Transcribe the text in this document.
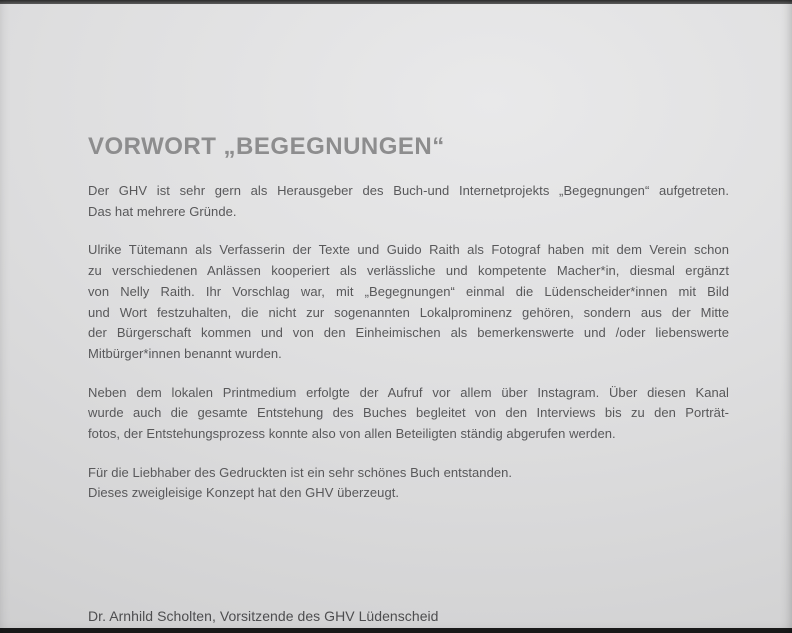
VORWORT „BEGEGNUNGEN“

Der GHV ist sehr gern als Herausgeber des Buch-und Internetprojekts „Begegnungen“ aufgetreten.
Das hat mehrere Gründe.

Ulrike Tütemann als Verfasserin der Texte und Guido Raith als Fotograf haben mit dem Verein schon
zu verschiedenen Anlässen kooperiert als verlässliche und kompetente Macher*in, diesmal ergänzt
von Nelly Raith. Ihr Vorschlag war, mit „Begegnungen“ einmal die Lüdenscheider*innen mit Bild
und Wort festzuhalten, die nicht zur sogenannten Lokalprominenz gehören, sondern aus der Mitte
der Bürgerschaft kommen und von den Einheimischen als bemerkenswerte und /oder liebenswerte
Mitbürger*innen benannt wurden.

Neben dem lokalen Printmedium erfolgte der Aufruf vor allem über Instagram. Über diesen Kanal
wurde auch die gesamte Entstehung des Buches begleitet von den Interviews bis zu den Porträt-
fotos, der Entstehungsprozess konnte also von allen Beteiligten ständig abgerufen werden.

Für die Liebhaber des Gedruckten ist ein sehr schönes Buch entstanden.
Dieses zweigleisige Konzept hat den GHV überzeugt.

Dr. Arnhild Scholten, Vorsitzende des GHV Lüdenscheid
